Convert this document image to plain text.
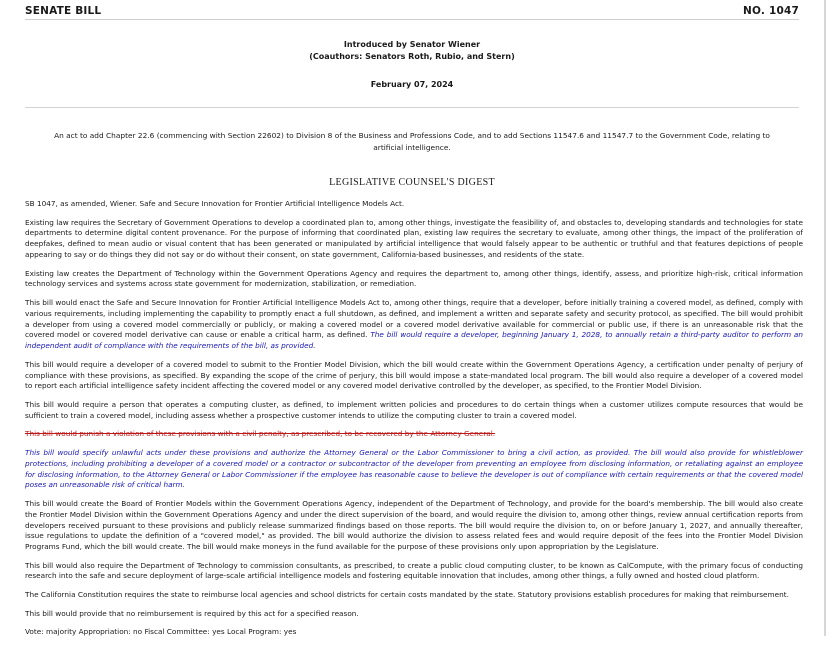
SENATE BILL	NO. 1047
Introduced by Senator Wiener
(Coauthors: Senators Roth, Rubio, and Stern)
February 07, 2024
An act to add Chapter 22.6 (commencing with Section 22602) to Division 8 of the Business and Professions Code, and to add Sections 11547.6 and 11547.7 to the Government Code, relating to artificial intelligence.
LEGISLATIVE COUNSEL'S DIGEST

SB 1047, as amended, Wiener. Safe and Secure Innovation for Frontier Artificial Intelligence Models Act.

Existing law requires the Secretary of Government Operations to develop a coordinated plan to, among other things, investigate the feasibility of, and obstacles to, developing standards and technologies for state departments to determine digital content provenance. For the purpose of informing that coordinated plan, existing law requires the secretary to evaluate, among other things, the impact of the proliferation of deepfakes, defined to mean audio or visual content that has been generated or manipulated by artificial intelligence that would falsely appear to be authentic or truthful and that features depictions of people appearing to say or do things they did not say or do without their consent, on state government, California-based businesses, and residents of the state.

Existing law creates the Department of Technology within the Government Operations Agency and requires the department to, among other things, identify, assess, and prioritize high-risk, critical information technology services and systems across state government for modernization, stabilization, or remediation.

This bill would enact the Safe and Secure Innovation for Frontier Artificial Intelligence Models Act to, among other things, require that a developer, before initially training a covered model, as defined, comply with various requirements, including implementing the capability to promptly enact a full shutdown, as defined, and implement a written and separate safety and security protocol, as specified. The bill would prohibit a developer from using a covered model commercially or publicly, or making a covered model or a covered model derivative available for commercial or public use, if there is an unreasonable risk that the covered model or covered model derivative can cause or enable a critical harm, as defined. The bill would require a developer, beginning January 1, 2028, to annually retain a third-party auditor to perform an independent audit of compliance with the requirements of the bill, as provided.

This bill would require a developer of a covered model to submit to the Frontier Model Division, which the bill would create within the Government Operations Agency, a certification under penalty of perjury of compliance with these provisions, as specified. By expanding the scope of the crime of perjury, this bill would impose a state-mandated local program. The bill would also require a developer of a covered model to report each artificial intelligence safety incident affecting the covered model or any covered model derivative controlled by the developer, as specified, to the Frontier Model Division.

This bill would require a person that operates a computing cluster, as defined, to implement written policies and procedures to do certain things when a customer utilizes compute resources that would be sufficient to train a covered model, including assess whether a prospective customer intends to utilize the computing cluster to train a covered model.

This bill would punish a violation of these provisions with a civil penalty, as prescribed, to be recovered by the Attorney General.

This bill would specify unlawful acts under these provisions and authorize the Attorney General or the Labor Commissioner to bring a civil action, as provided. The bill would also provide for whistleblower protections, including prohibiting a developer of a covered model or a contractor or subcontractor of the developer from preventing an employee from disclosing information, or retaliating against an employee for disclosing information, to the Attorney General or Labor Commissioner if the employee has reasonable cause to believe the developer is out of compliance with certain requirements or that the covered model poses an unreasonable risk of critical harm.

This bill would create the Board of Frontier Models within the Government Operations Agency, independent of the Department of Technology, and provide for the board's membership. The bill would also create the Frontier Model Division within the Government Operations Agency and under the direct supervision of the board, and would require the division to, among other things, review annual certification reports from developers received pursuant to these provisions and publicly release summarized findings based on those reports. The bill would require the division to, on or before January 1, 2027, and annually thereafter, issue regulations to update the definition of a "covered model," as provided. The bill would authorize the division to assess related fees and would require deposit of the fees into the Frontier Model Division Programs Fund, which the bill would create. The bill would make moneys in the fund available for the purpose of these provisions only upon appropriation by the Legislature.

This bill would also require the Department of Technology to commission consultants, as prescribed, to create a public cloud computing cluster, to be known as CalCompute, with the primary focus of conducting research into the safe and secure deployment of large-scale artificial intelligence models and fostering equitable innovation that includes, among other things, a fully owned and hosted cloud platform.

The California Constitution requires the state to reimburse local agencies and school districts for certain costs mandated by the state. Statutory provisions establish procedures for making that reimbursement.

This bill would provide that no reimbursement is required by this act for a specified reason.

Vote: majority Appropriation: no Fiscal Committee: yes Local Program: yes
